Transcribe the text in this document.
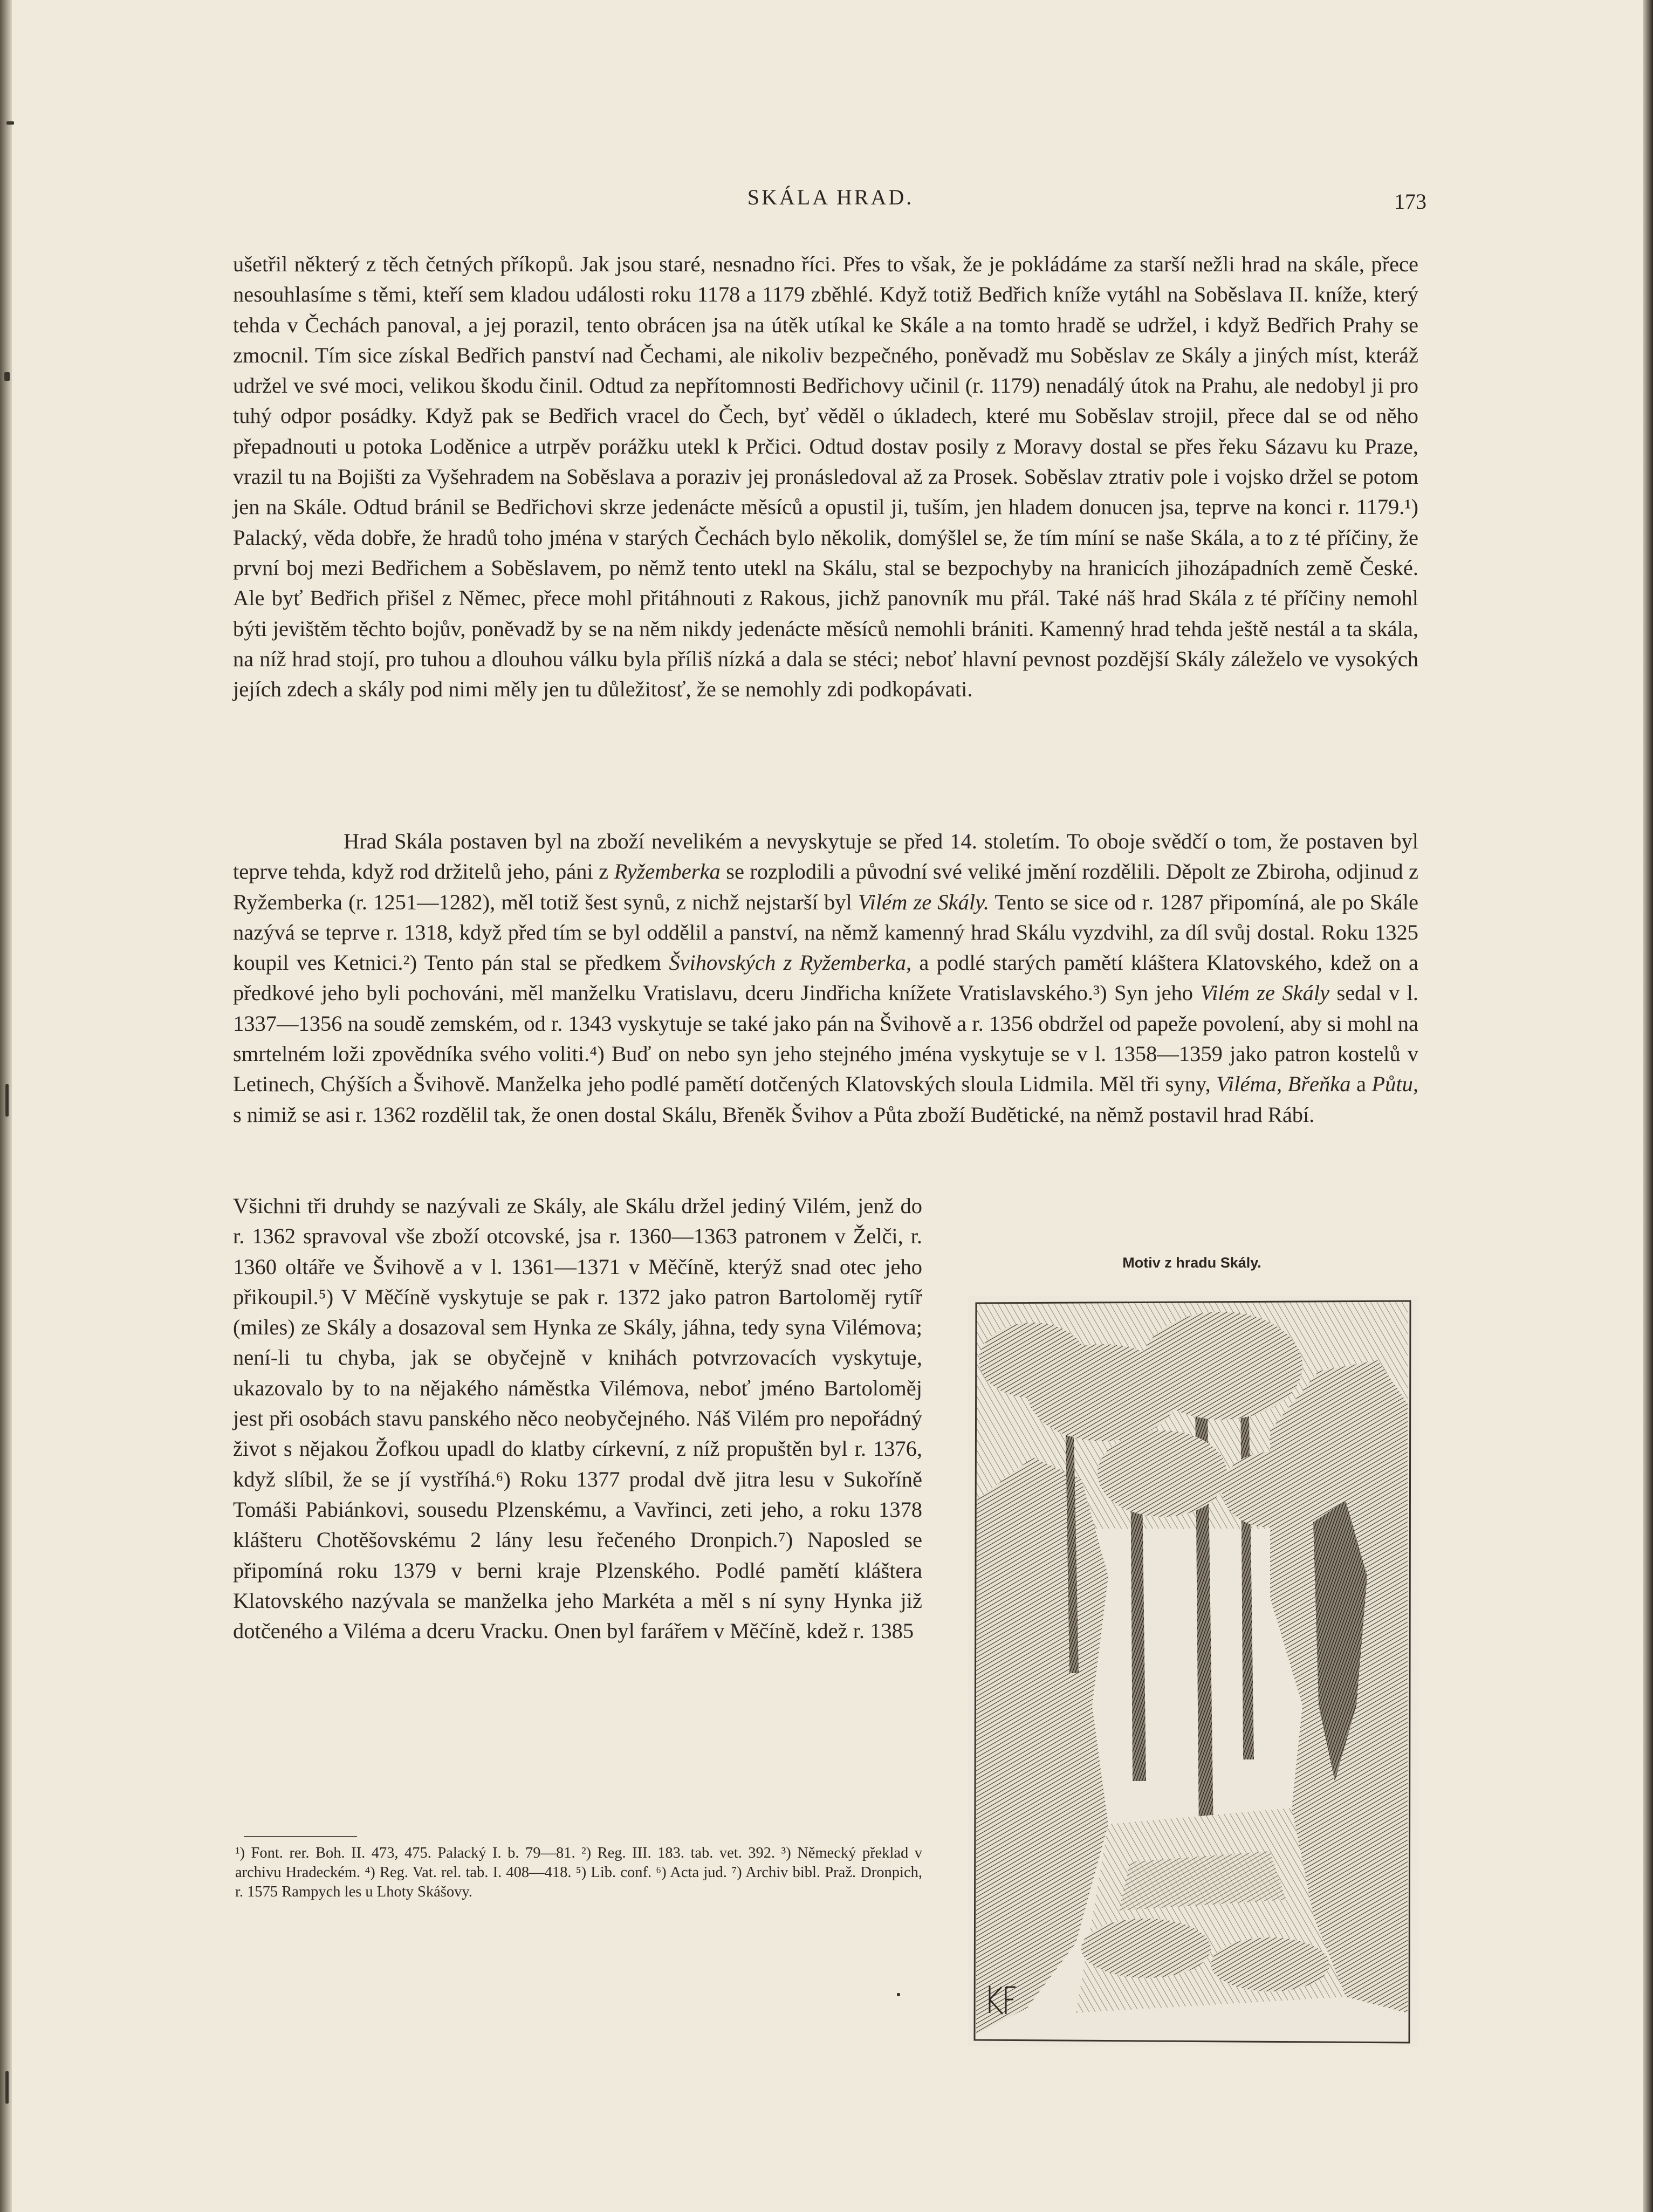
SKÁLA HRAD.	173
ušetřil některý z těch četných příkopů. Jak jsou staré, nesnadno říci. Přes to však, že je pokládáme za starší nežli hrad na skále, přece nesouhlasíme s těmi, kteří sem kladou události roku 1178 a 1179 zběhlé. Když totiž Bedřich kníže vytáhl na Soběslava II. kníže, který tehda v Čechách panoval, a jej porazil, tento obrácen jsa na útěk utíkal ke Skále a na tomto hradě se udržel, i když Bedřich Prahy se zmocnil. Tím sice získal Bedřich panství nad Čechami, ale nikoliv bezpečného, poněvadž mu Soběslav ze Skály a jiných míst, kteráž udržel ve své moci, velikou škodu činil. Odtud za nepřítomnosti Bedřichovy učinil (r. 1179) nenadálý útok na Prahu, ale nedobyl ji pro tuhý odpor posádky. Když pak se Bedřich vracel do Čech, byť věděl o úkladech, které mu Soběslav strojil, přece dal se od něho přepadnouti u potoka Loděnice a utrpěv porážku utekl k Prčici. Odtud dostav posily z Moravy dostal se přes řeku Sázavu ku Praze, vrazil tu na Bojišti za Vyšehradem na Soběslava a poraziv jej pronásledoval až za Prosek. Soběslav ztrativ pole i vojsko držel se potom jen na Skále. Odtud bránil se Bedřichovi skrze jedenácte měsíců a opustil ji, tuším, jen hladem donucen jsa, teprve na konci r. 1179.¹) Palacký, věda dobře, že hradů toho jména v starých Čechách bylo několik, domýšlel se, že tím míní se naše Skála, a to z té příčiny, že první boj mezi Bedřichem a Soběslavem, po němž tento utekl na Skálu, stal se bezpochyby na hranicích jihozápadních země České. Ale byť Bedřich přišel z Němec, přece mohl přitáhnouti z Rakous, jichž panovník mu přál. Také náš hrad Skála z té příčiny nemohl býti jevištěm těchto bojův, poněvadž by se na něm nikdy jedenácte měsíců nemohli brániti. Kamenný hrad tehda ještě nestál a ta skála, na níž hrad stojí, pro tuhou a dlouhou válku byla příliš nízká a dala se stéci; neboť hlavní pevnost pozdější Skály záleželo ve vysokých jejích zdech a skály pod nimi měly jen tu důležitosť, že se nemohly zdi podkopávati.
Hrad Skála postaven byl na zboží nevelikém a nevyskytuje se před 14. stoletím. To oboje svědčí o tom, že postaven byl teprve tehda, když rod držitelů jeho, páni z Ryžemberka se rozplodili a původní své veliké jmění rozdělili. Děpolt ze Zbiroha, odjinud z Ryžemberka (r. 1251—1282), měl totiž šest synů, z nichž nejstarší byl Vilém ze Skály. Tento se sice od r. 1287 připomíná, ale po Skále nazývá se teprve r. 1318, když před tím se byl oddělil a panství, na němž kamenný hrad Skálu vyzdvihl, za díl svůj dostal. Roku 1325 koupil ves Ketnici.²) Tento pán stal se předkem Švihovských z Ryžemberka, a podlé starých pamětí kláštera Klatovského, kdež on a předkové jeho byli pochováni, měl manželku Vratislavu, dceru Jindřicha knížete Vratislavského.³) Syn jeho Vilém ze Skály sedal v l. 1337—1356 na soudě zemském, od r. 1343 vyskytuje se také jako pán na Švihově a r. 1356 obdržel od papeže povolení, aby si mohl na smrtelném loži zpovědníka svého voliti.⁴) Buď on nebo syn jeho stejného jména vyskytuje se v l. 1358—1359 jako patron kostelů v Letinech, Chýších a Švihově. Manželka jeho podlé pamětí dotčených Klatovských sloula Lidmila. Měl tři syny, Viléma, Břeňka a Půtu, s nimiž se asi r. 1362 rozdělil tak, že onen dostal Skálu, Břeněk Švihov a Půta zboží Budětické, na němž postavil hrad Rábí.
Všichni tři druhdy se nazývali ze Skály, ale Skálu držel jediný Vilém, jenž do r. 1362 spravoval vše zboží otcovské, jsa r. 1360—1363 patronem v Želči, r. 1360 oltáře ve Švihově a v l. 1361—1371 v Měčíně, kterýž snad otec jeho přikoupil.⁵) V Měčíně vyskytuje se pak r. 1372 jako patron Bartoloměj rytíř (miles) ze Skály a dosazoval sem Hynka ze Skály, jáhna, tedy syna Vilémova; není-li tu chyba, jak se obyčejně v knihách potvrzovacích vyskytuje, ukazovalo by to na nějakého náměstka Vilémova, neboť jméno Bartoloměj jest při osobách stavu panského něco neobyčejného. Náš Vilém pro nepořádný život s nějakou Žofkou upadl do klatby církevní, z níž propuštěn byl r. 1376, když slíbil, že se jí vystříhá.⁶) Roku 1377 prodal dvě jitra lesu v Sukoříně Tomáši Pabiánkovi, sousedu Plzenskému, a Vavřinci, zeti jeho, a roku 1378 klášteru Chotěšovskému 2 lány lesu řečeného Dronpich.⁷) Naposled se připomíná roku 1379 v berni kraje Plzenského. Podlé pamětí kláštera Klatovského nazývala se manželka jeho Markéta a měl s ní syny Hynka již dotčeného a Viléma a dceru Vracku. Onen byl farářem v Měčíně, kdež r. 1385
¹) Font. rer. Boh. II. 473, 475. Palacký I. b. 79—81. ²) Reg. III. 183. tab. vet. 392. ³) Německý překlad v archivu Hradeckém. ⁴) Reg. Vat. rel. tab. I. 408—418. ⁵) Lib. conf. ⁶) Acta jud. ⁷) Archiv bibl. Praž. Dronpich, r. 1575 Rampych les u Lhoty Skášovy.
Motiv z hradu Skály.
